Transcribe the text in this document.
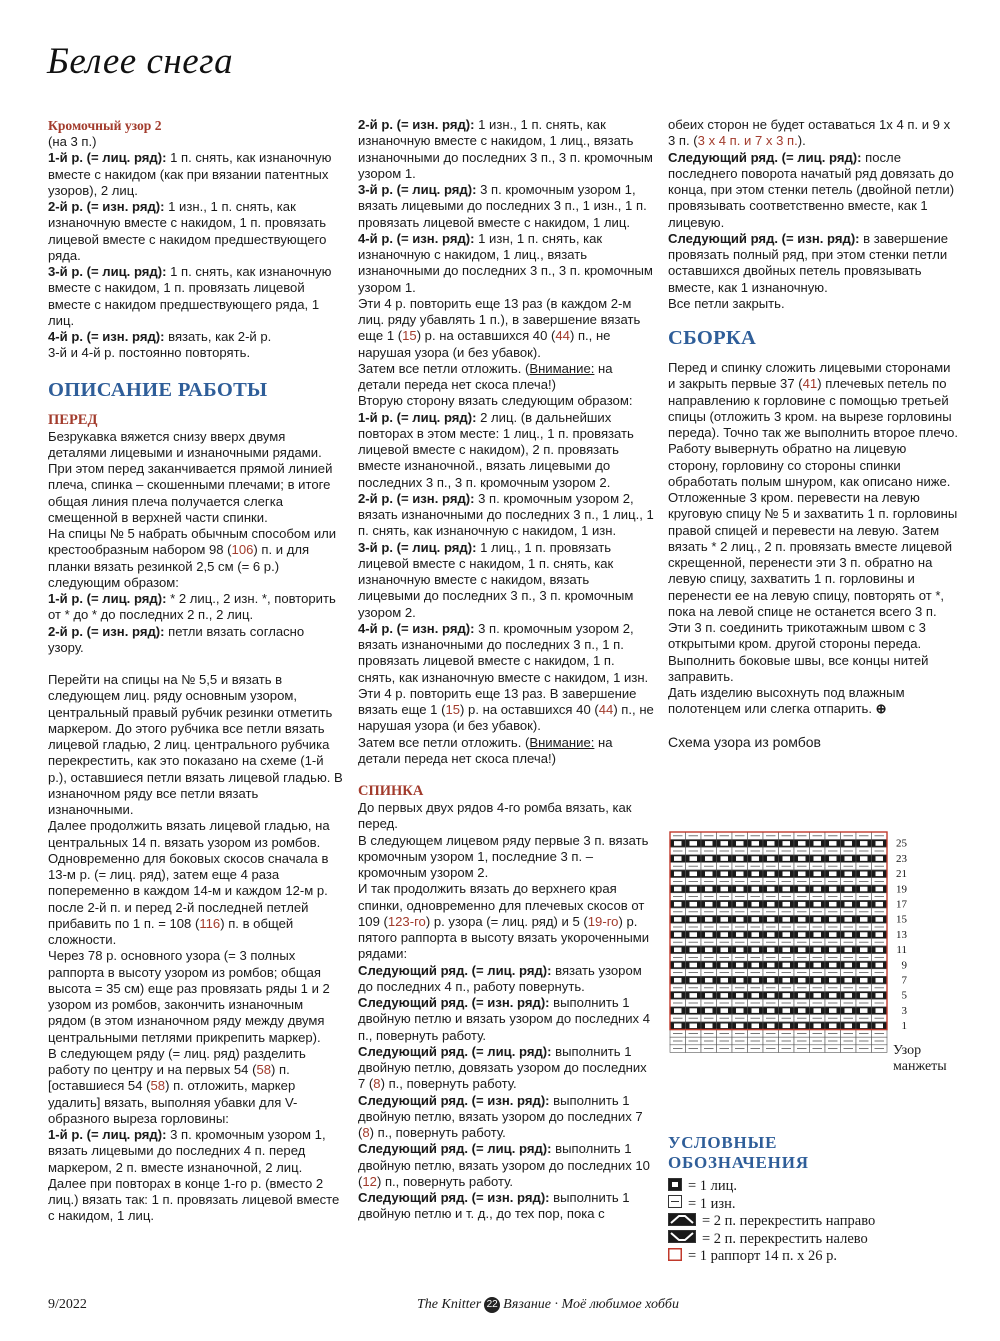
Белее снега

Кромочный узор 2

(на 3 п.)

1-й р. (= лиц. ряд): 1 п. снять, как изнаночную вместе с накидом (как при вязании патентных узоров), 2 лиц.

2-й р. (= изн. ряд): 1 изн., 1 п. снять, как изнаночную вместе с накидом, 1 п. провязать лицевой вместе с накидом предшествующего ряда.

3-й р. (= лиц. ряд): 1 п. снять, как изнаночную вместе с накидом, 1 п. провязать лицевой вместе с накидом предшествующего ряда, 1 лиц.

4-й р. (= изн. ряд): вязать, как 2-й р.

3-й и 4-й р. постоянно повторять.

ОПИСАНИЕ РАБОТЫ

ПЕРЕД

Безрукавка вяжется снизу вверх двумя деталями лицевыми и изнаночными рядами. При этом перед заканчивается прямой линией плеча, спинка – скошенными плечами; в итоге общая линия плеча получается слегка смещенной в верхней части спинки.

На спицы № 5 набрать обычным способом или крестообразным набором 98 (106) п. и для планки вязать резинкой 2,5 см (= 6 р.) следующим образом:

1-й р. (= лиц. ряд): * 2 лиц., 2 изн. *, повторить от * до * до последних 2 п., 2 лиц.

2-й р. (= изн. ряд): петли вязать согласно узору.

Перейти на спицы на № 5,5 и вязать в следующем лиц. ряду основным узором, центральный правый рубчик резинки отметить маркером. До этого рубчика все петли вязать лицевой гладью, 2 лиц. центрального рубчика перекрестить, как это показано на схеме (1-й р.), оставшиеся петли вязать лицевой гладью. В изнаночном ряду все петли вязать изнаночными.

Далее продолжить вязать лицевой гладью, на центральных 14 п. вязать узором из ромбов.

Одновременно для боковых скосов сначала в 13-м р. (= лиц. ряд), затем еще 4 раза попеременно в каждом 14-м и каждом 12-м р. после 2-й п. и перед 2-й последней петлей прибавить по 1 п. = 108 (116) п. в общей сложности.

Через 78 р. основного узора (= 3 полных раппорта в высоту узором из ромбов; общая высота = 35 см) еще раз провязать ряды 1 и 2 узором из ромбов, закончить изнаночным рядом (в этом изнаночном ряду между двумя центральными петлями прикрепить маркер).

В следующем ряду (= лиц. ряд) разделить работу по центру и на первых 54 (58) п. [оставшиеся 54 (58) п. отложить, маркер удалить] вязать, выполняя убавки для V-образного выреза горловины:

1-й р. (= лиц. ряд): 3 п. кромочным узором 1, вязать лицевыми до последних 4 п. перед маркером, 2 п. вместе изнаночной, 2 лиц.

Далее при повторах в конце 1-го р. (вместо 2 лиц.) вязать так: 1 п. провязать лицевой вместе с накидом, 1 лиц.

2-й р. (= изн. ряд): 1 изн., 1 п. снять, как изнаночную вместе с накидом, 1 лиц., вязать изнаночными до последних 3 п., 3 п. кромочным узором 1.

3-й р. (= лиц. ряд): 3 п. кромочным узором 1, вязать лицевыми до последних 3 п., 1 изн., 1 п. провязать лицевой вместе с накидом, 1 лиц.

4-й р. (= изн. ряд): 1 изн, 1 п. снять, как изнаночную с накидом, 1 лиц., вязать изнаночными до последних 3 п., 3 п. кромочным узором 1.

Эти 4 р. повторить еще 13 раз (в каждом 2-м лиц. ряду убавлять 1 п.), в завершение вязать еще 1 (15) р. на оставшихся 40 (44) п., не нарушая узора (и без убавок).

Затем все петли отложить. (Внимание: на детали переда нет скоса плеча!)

Вторую сторону вязать следующим образом:

1-й р. (= лиц. ряд): 2 лиц. (в дальнейших повторах в этом месте: 1 лиц., 1 п. провязать лицевой вместе с накидом), 2 п. провязать вместе изнаночной., вязать лицевыми до последних 3 п., 3 п. кромочным узором 2.

2-й р. (= изн. ряд): 3 п. кромочным узором 2, вязать изнаночными до последних 3 п., 1 лиц., 1 п. снять, как изнаночную с накидом, 1 изн.

3-й р. (= лиц. ряд): 1 лиц., 1 п. провязать лицевой вместе с накидом, 1 п. снять, как изнаночную вместе с накидом, вязать лицевыми до последних 3 п., 3 п. кромочным узором 2.

4-й р. (= изн. ряд): 3 п. кромочным узором 2, вязать изнаночными до последних 3 п., 1 п. провязать лицевой вместе с накидом, 1 п. снять, как изнаночную вместе с накидом, 1 изн.

Эти 4 р. повторить еще 13 раз. В завершение вязать еще 1 (15) р. на оставшихся 40 (44) п., не нарушая узора (и без убавок).

Затем все петли отложить. (Внимание: на детали переда нет скоса плеча!)

СПИНКА

До первых двух рядов 4-го ромба вязать, как перед.

В следующем лицевом ряду первые 3 п. вязать кромочным узором 1, последние 3 п. – кромочным узором 2.

И так продолжить вязать до верхнего края спинки, одновременно для плечевых скосов от 109 (123-го) р. узора (= лиц. ряд) и 5 (19-го) р. пятого раппорта в высоту вязать укороченными рядами:

Следующий ряд. (= лиц. ряд): вязать узором до последних 4 п., работу повернуть.

Следующий ряд. (= изн. ряд): выполнить 1 двойную петлю и вязать узором до последних 4 п., повернуть работу.

Следующий ряд. (= лиц. ряд): выполнить 1 двойную петлю, довязать узором до последних 7 (8) п., повернуть работу.

Следующий ряд. (= изн. ряд): выполнить 1 двойную петлю, вязать узором до последних 7 (8) п., повернуть работу.

Следующий ряд. (= лиц. ряд): выполнить 1 двойную петлю, вязать узором до последних 10 (12) п., повернуть работу.

Следующий ряд. (= изн. ряд): выполнить 1 двойную петлю и т. д., до тех пор, пока с

обеих сторон не будет оставаться 1x 4 п. и 9 x 3 п. (3 x 4 п. и 7 x 3 п.).

Следующий ряд. (= лиц. ряд): после последнего поворота начатый ряд довязать до конца, при этом стенки петель (двойной петли) провязывать соответственно вместе, как 1 лицевую.

Следующий ряд. (= изн. ряд): в завершение провязать полный ряд, при этом стенки петли оставшихся двойных петель провязывать вместе, как 1 изнаночную.

Все петли закрыть.

СБОРКА

Перед и спинку сложить лицевыми сторонами и закрыть первые 37 (41) плечевых петель по направлению к горловине с помощью третьей спицы (отложить 3 кром. на вырезе горловины переда). Точно так же выполнить второе плечо.

Работу вывернуть обратно на лицевую сторону, горловину со стороны спинки обработать полым шнуром, как описано ниже.

Отложенные 3 кром. перевести на левую круговую спицу № 5 и захватить 1 п. горловины правой спицей и перевести на левую. Затем вязать * 2 лиц., 2 п. провязать вместе лицевой скрещенной, перенести эти 3 п. обратно на левую спицу, захватить 1 п. горловины и перенести ее на левую спицу, повторять от *, пока на левой спице не останется всего 3 п.

Эти 3 п. соединить трикотажным швом с 3 открытыми кром. другой стороны переда. Выполнить боковые швы, все концы нитей заправить.

Дать изделию высохнуть под влажным полотенцем или слегка отпарить. ⊕

Схема узора из ромбов

25
23
21
19
17
15
13
11
9
7
5
3
1
Узор
манжеты
УСЛОВНЫЕ
ОБОЗНАЧЕНИЯ
= 1 лиц.
= 1 изн.
= 2 п. перекрестить направо
= 2 п. перекрестить налево
= 1 раппорт 14 п. x 26 р.
9/2022	The Knitter 22 Вязание · Моё любимое хобби
